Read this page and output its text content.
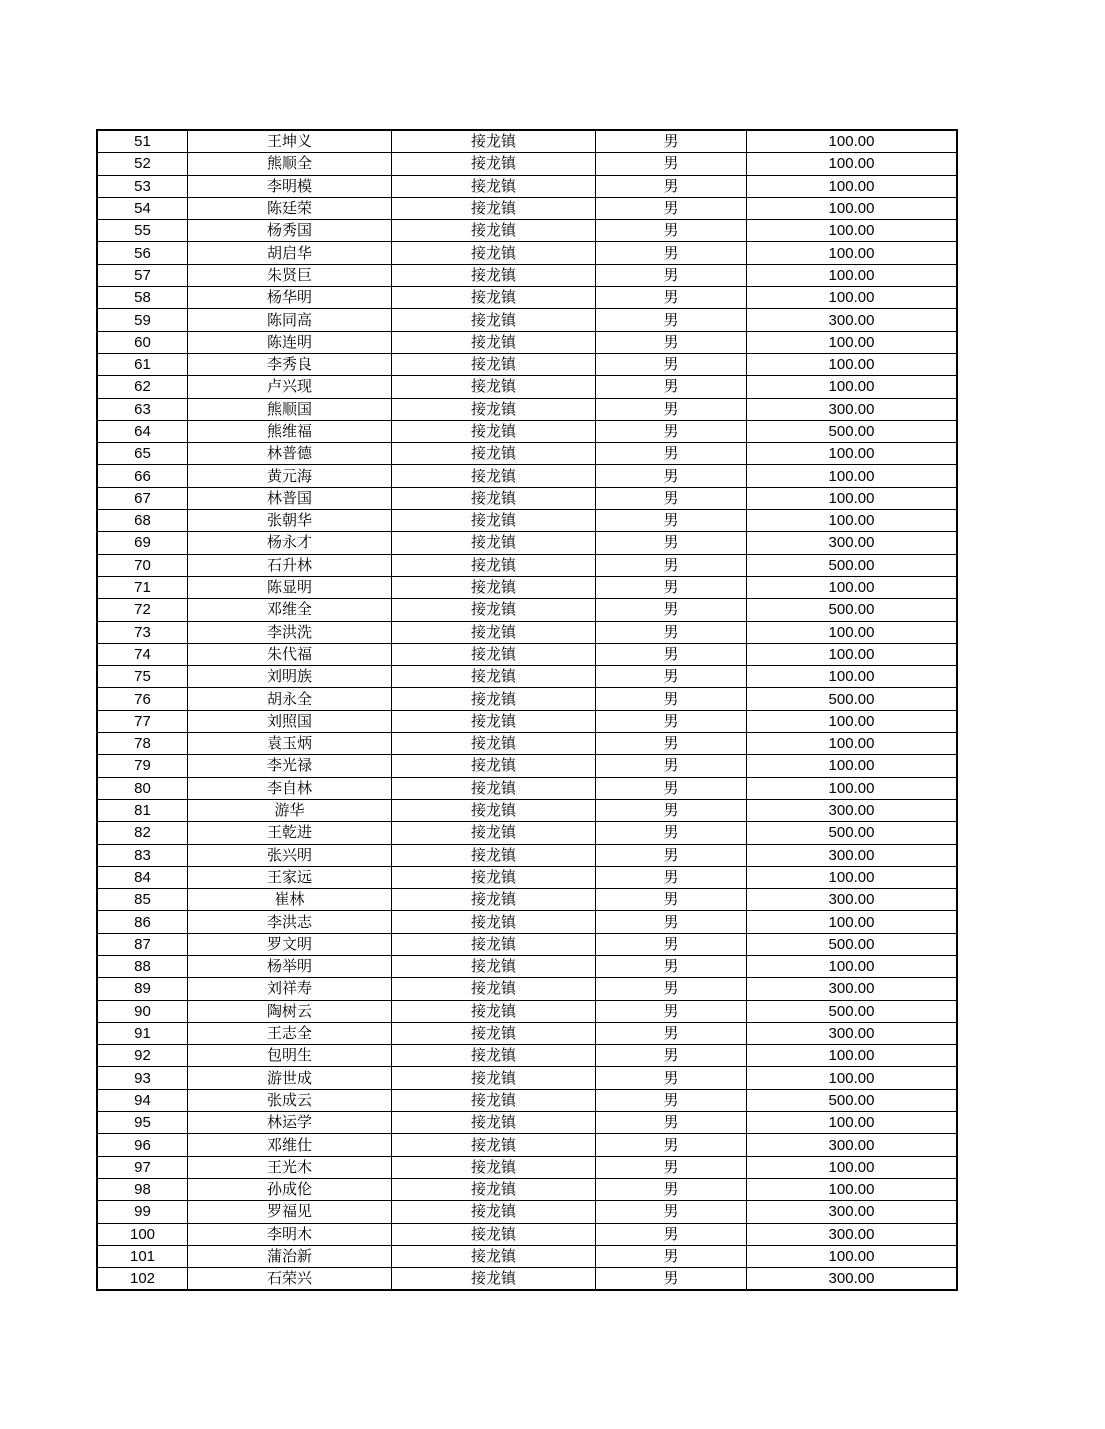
51	王坤义	接龙镇	男	100.00
52	熊顺全	接龙镇	男	100.00
53	李明模	接龙镇	男	100.00
54	陈廷荣	接龙镇	男	100.00
55	杨秀国	接龙镇	男	100.00
56	胡启华	接龙镇	男	100.00
57	朱贤巨	接龙镇	男	100.00
58	杨华明	接龙镇	男	100.00
59	陈同高	接龙镇	男	300.00
60	陈连明	接龙镇	男	100.00
61	李秀良	接龙镇	男	100.00
62	卢兴现	接龙镇	男	100.00
63	熊顺国	接龙镇	男	300.00
64	熊维福	接龙镇	男	500.00
65	林普德	接龙镇	男	100.00
66	黄元海	接龙镇	男	100.00
67	林普国	接龙镇	男	100.00
68	张朝华	接龙镇	男	100.00
69	杨永才	接龙镇	男	300.00
70	石升林	接龙镇	男	500.00
71	陈显明	接龙镇	男	100.00
72	邓维全	接龙镇	男	500.00
73	李洪洗	接龙镇	男	100.00
74	朱代福	接龙镇	男	100.00
75	刘明族	接龙镇	男	100.00
76	胡永全	接龙镇	男	500.00
77	刘照国	接龙镇	男	100.00
78	袁玉炳	接龙镇	男	100.00
79	李光禄	接龙镇	男	100.00
80	李自林	接龙镇	男	100.00
81	游华	接龙镇	男	300.00
82	王乾进	接龙镇	男	500.00
83	张兴明	接龙镇	男	300.00
84	王家远	接龙镇	男	100.00
85	崔林	接龙镇	男	300.00
86	李洪志	接龙镇	男	100.00
87	罗文明	接龙镇	男	500.00
88	杨举明	接龙镇	男	100.00
89	刘祥寿	接龙镇	男	300.00
90	陶树云	接龙镇	男	500.00
91	王志全	接龙镇	男	300.00
92	包明生	接龙镇	男	100.00
93	游世成	接龙镇	男	100.00
94	张成云	接龙镇	男	500.00
95	林运学	接龙镇	男	100.00
96	邓维仕	接龙镇	男	300.00
97	王光木	接龙镇	男	100.00
98	孙成伦	接龙镇	男	100.00
99	罗福见	接龙镇	男	300.00
100	李明木	接龙镇	男	300.00
101	蒲治新	接龙镇	男	100.00
102	石荣兴	接龙镇	男	300.00
